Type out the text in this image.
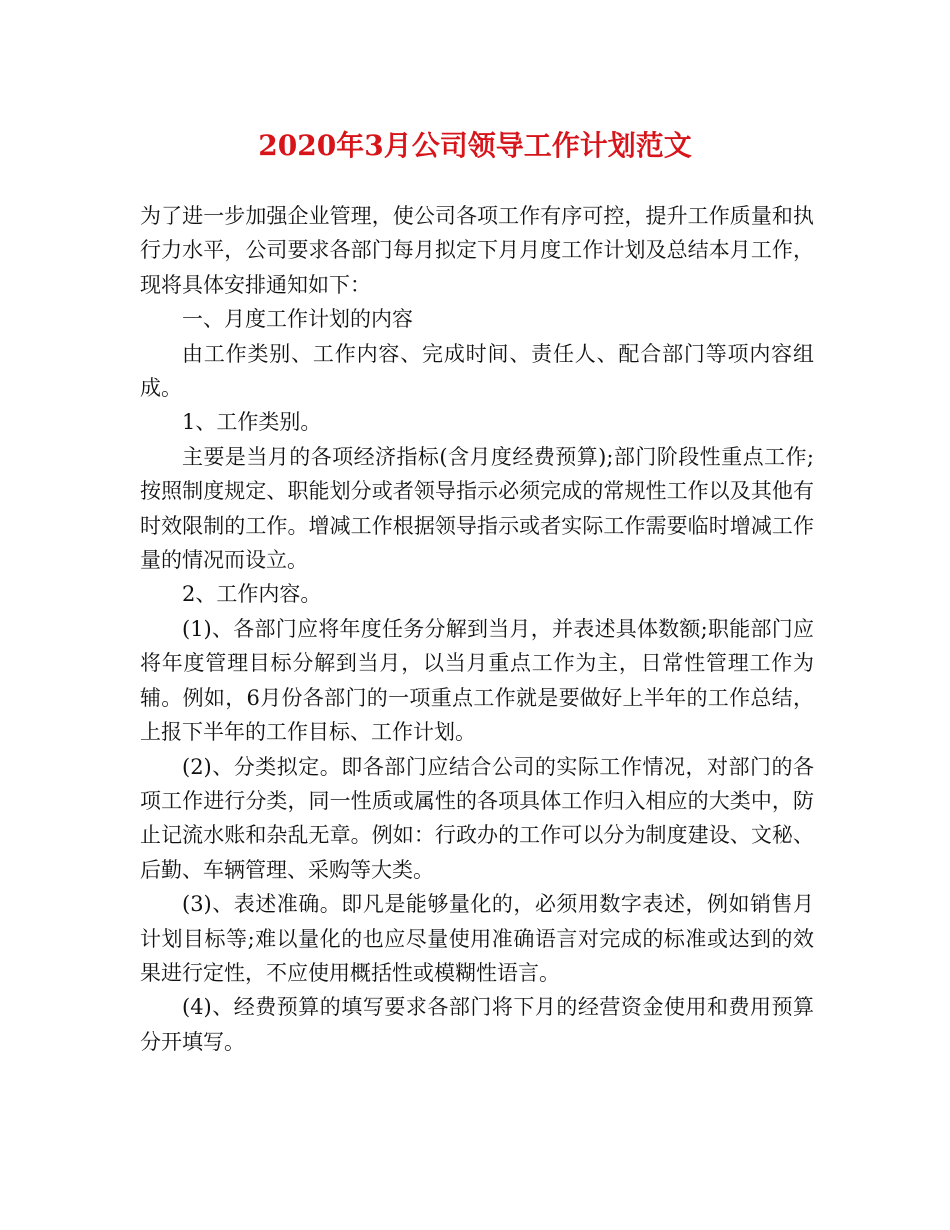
2020年3月公司领导工作计划范文

为了进一步加强企业管理，使公司各项工作有序可控，提升工作质量和执行力水平，公司要求各部门每月拟定下月月度工作计划及总结本月工作，现将具体安排通知如下：

一、月度工作计划的内容

由工作类别、工作内容、完成时间、责任人、配合部门等项内容组成。

1、工作类别。

主要是当月的各项经济指标(含月度经费预算);部门阶段性重点工作;按照制度规定、职能划分或者领导指示必须完成的常规性工作以及其他有时效限制的工作。增减工作根据领导指示或者实际工作需要临时增减工作量的情况而设立。

2、工作内容。

(1)、各部门应将年度任务分解到当月，并表述具体数额;职能部门应将年度管理目标分解到当月，以当月重点工作为主，日常性管理工作为辅。例如，6月份各部门的一项重点工作就是要做好上半年的工作总结，上报下半年的工作目标、工作计划。

(2)、分类拟定。即各部门应结合公司的实际工作情况，对部门的各项工作进行分类，同一性质或属性的各项具体工作归入相应的大类中，防止记流水账和杂乱无章。例如：行政办的工作可以分为制度建设、文秘、后勤、车辆管理、采购等大类。

(3)、表述准确。即凡是能够量化的，必须用数字表述，例如销售月计划目标等;难以量化的也应尽量使用准确语言对完成的标准或达到的效果进行定性，不应使用概括性或模糊性语言。

(4)、经费预算的填写要求各部门将下月的经营资金使用和费用预算分开填写。
